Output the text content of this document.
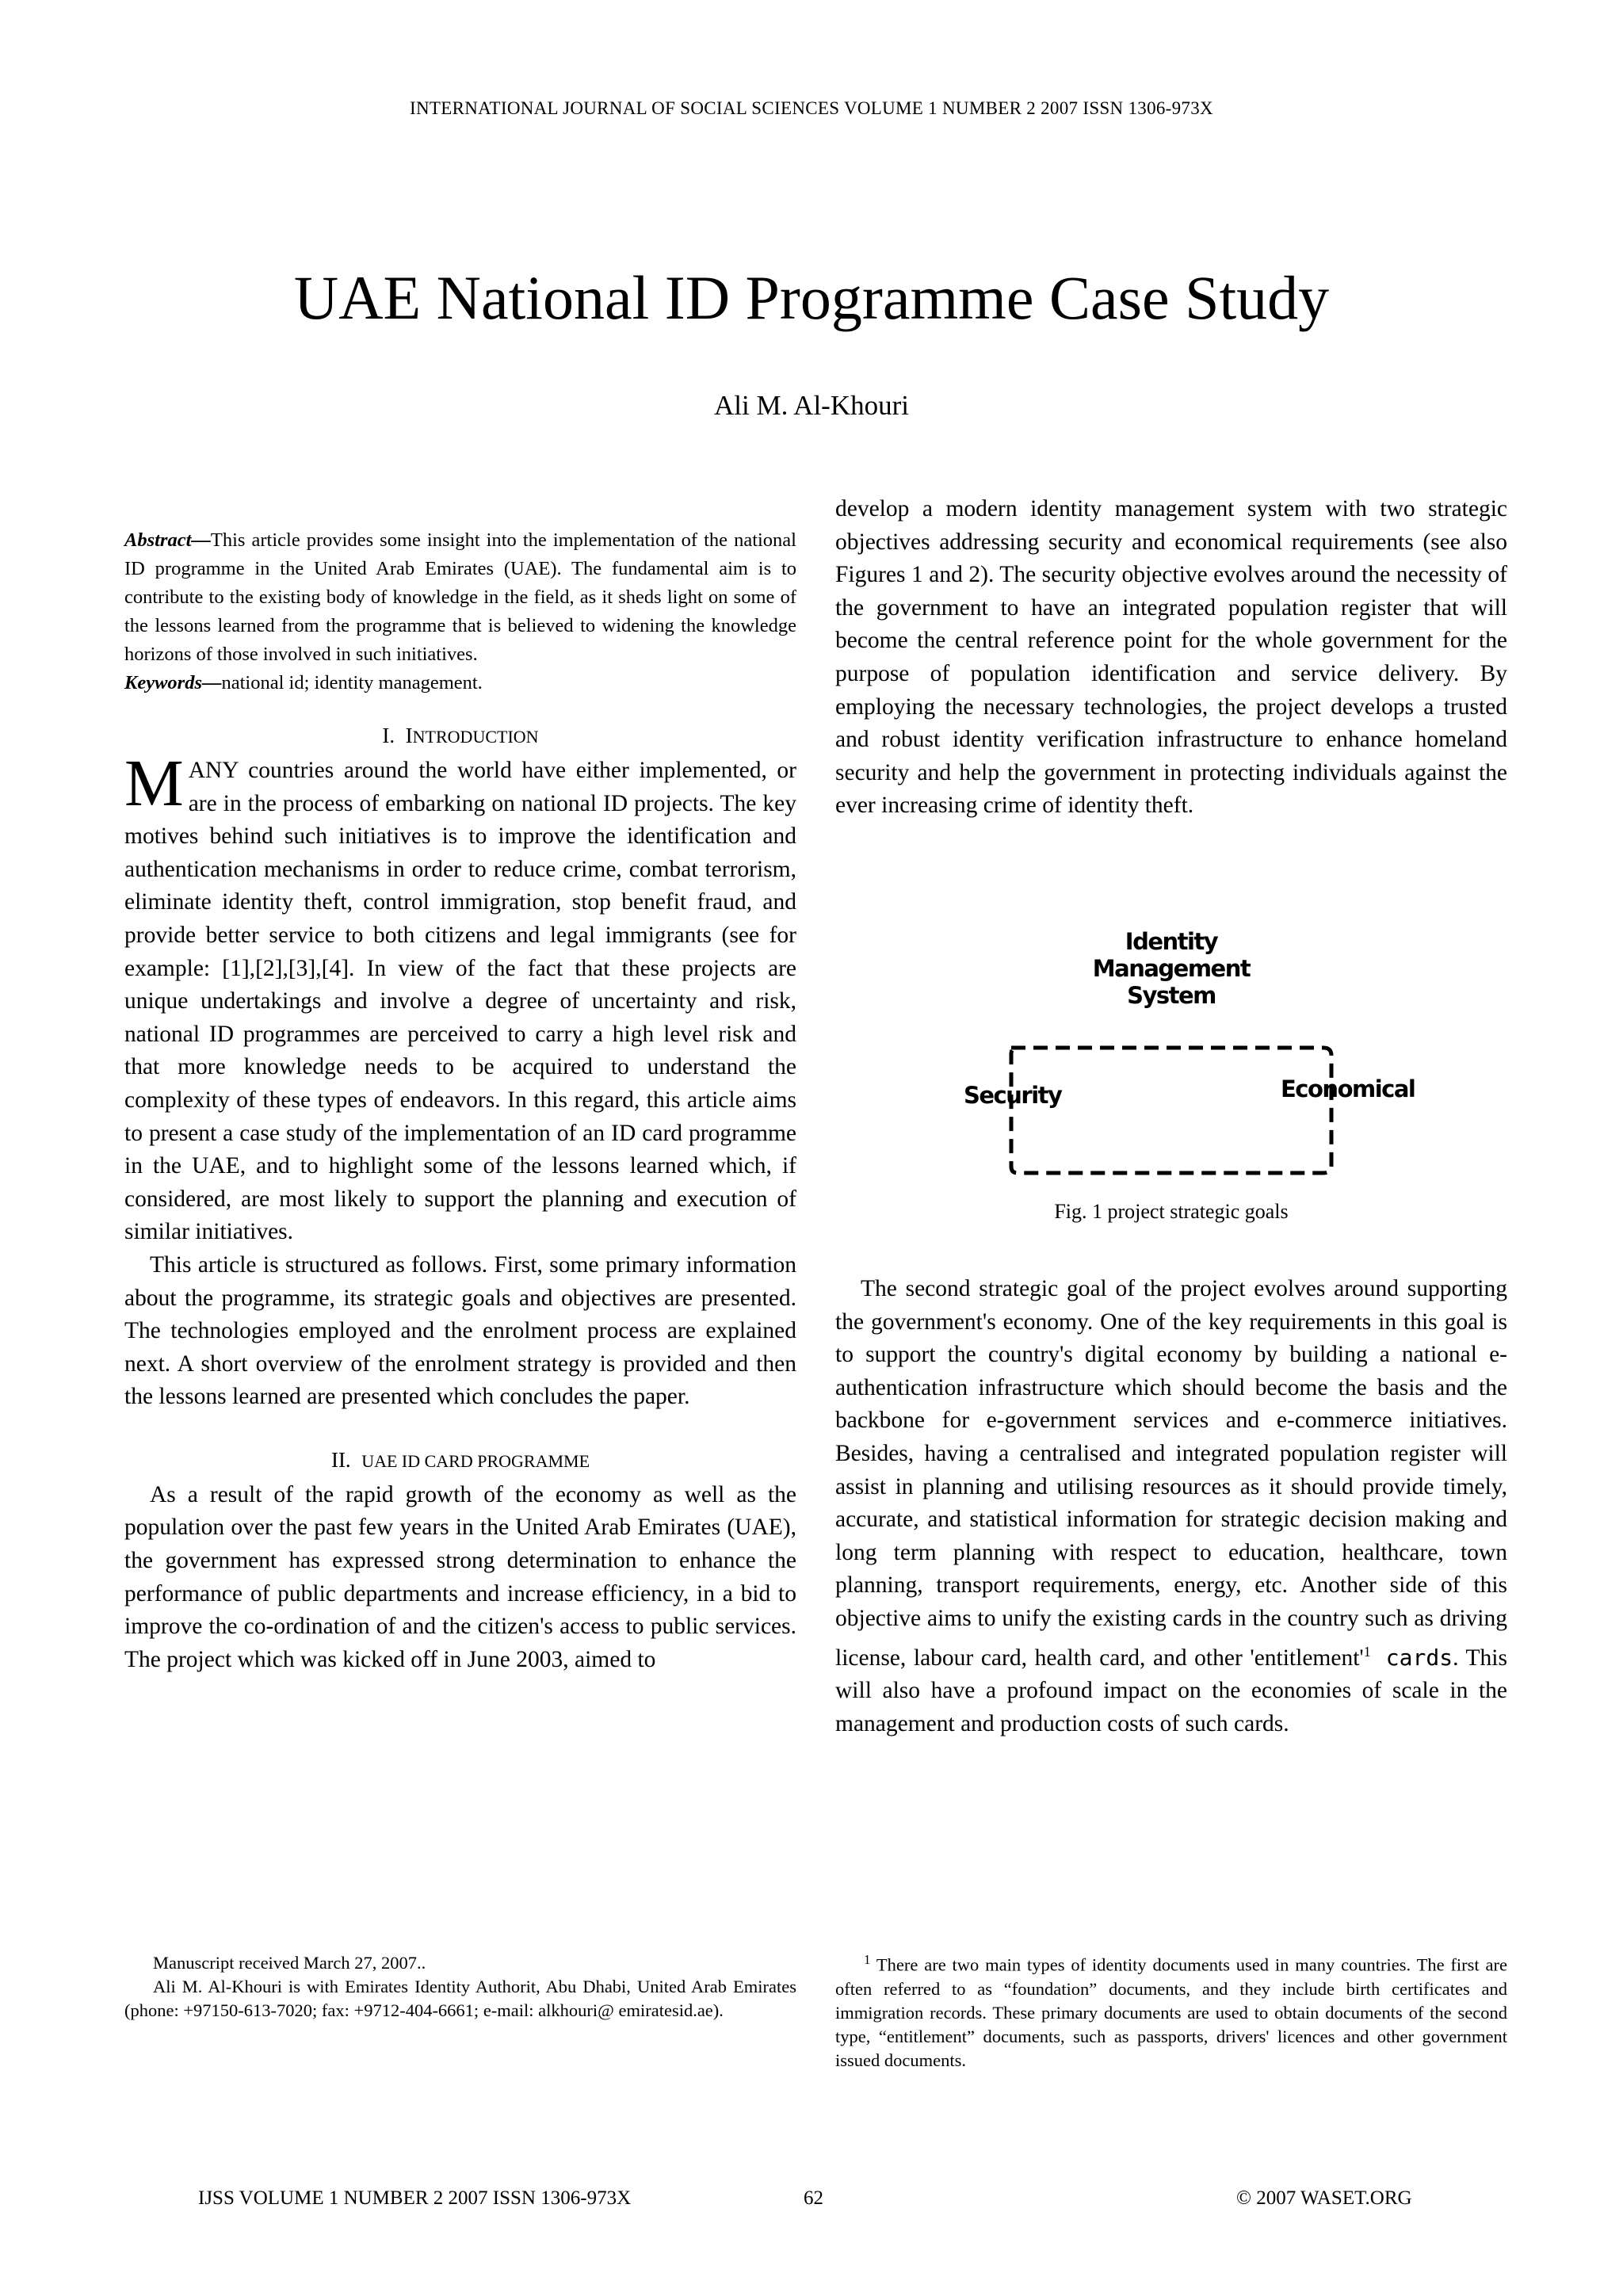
INTERNATIONAL JOURNAL OF SOCIAL SCIENCES VOLUME 1 NUMBER 2 2007 ISSN 1306-973X
UAE National ID Programme Case Study
Ali M. Al-Khouri

Abstract—This article provides some insight into the implementation of the national ID programme in the United Arab Emirates (UAE). The fundamental aim is to contribute to the existing body of knowledge in the field, as it sheds light on some of the lessons learned from the programme that is believed to widening the knowledge horizons of those involved in such initiatives.

Keywords—national id; identity management.

I. INTRODUCTION

MANY countries around the world have either implemented, or are in the process of embarking on national ID projects. The key motives behind such initiatives is to improve the identification and authentication mechanisms in order to reduce crime, combat terrorism, eliminate identity theft, control immigration, stop benefit fraud, and provide better service to both citizens and legal immigrants (see for example: [1],[2],[3],[4]. In view of the fact that these projects are unique undertakings and involve a degree of uncertainty and risk, national ID programmes are perceived to carry a high level risk and that more knowledge needs to be acquired to understand the complexity of these types of endeavors. In this regard, this article aims to present a case study of the implementation of an ID card programme in the UAE, and to highlight some of the lessons learned which, if considered, are most likely to support the planning and execution of similar initiatives.

This article is structured as follows. First, some primary information about the programme, its strategic goals and objectives are presented. The technologies employed and the enrolment process are explained next. A short overview of the enrolment strategy is provided and then the lessons learned are presented which concludes the paper.

II. UAE ID CARD PROGRAMME

As a result of the rapid growth of the economy as well as the population over the past few years in the United Arab Emirates (UAE), the government has expressed strong determination to enhance the performance of public departments and increase efficiency, in a bid to improve the co-ordination of and the citizen's access to public services. The project which was kicked off in June 2003, aimed to

develop a modern identity management system with two strategic objectives addressing security and economical requirements (see also Figures 1 and 2). The security objective evolves around the necessity of the government to have an integrated population register that will become the central reference point for the whole government for the purpose of population identification and service delivery. By employing the necessary technologies, the project develops a trusted and robust identity verification infrastructure to enhance homeland security and help the government in protecting individuals against the ever increasing crime of identity theft.

Identity
Management
System
Security	Economical
Fig. 1 project strategic goals

The second strategic goal of the project evolves around supporting the government's economy. One of the key requirements in this goal is to support the country's digital economy by building a national e-authentication infrastructure which should become the basis and the backbone for e-government services and e-commerce initiatives. Besides, having a centralised and integrated population register will assist in planning and utilising resources as it should provide timely, accurate, and statistical information for strategic decision making and long term planning with respect to education, healthcare, town planning, transport requirements, energy, etc. Another side of this objective aims to unify the existing cards in the country such as driving license, labour card, health card, and other '$entitlement'^1$ cards. This will also have a profound impact on the economies of scale in the management and production costs of such cards.

Manuscript received March 27, 2007..

Ali M. Al-Khouri is with Emirates Identity Authorit, Abu Dhabi, United Arab Emirates (phone: +97150-613-7020; fax: +9712-404-6661; e-mail: alkhouri@ emiratesid.ae).

$^1$ There are two main types of identity documents used in many countries. The first are often referred to as “foundation” documents, and they include birth certificates and immigration records. These primary documents are used to obtain documents of the second type, “entitlement” documents, such as passports, drivers' licences and other government issued documents.

IJSS VOLUME 1 NUMBER 2 2007 ISSN 1306-973X	62	© 2007 WASET.ORG
